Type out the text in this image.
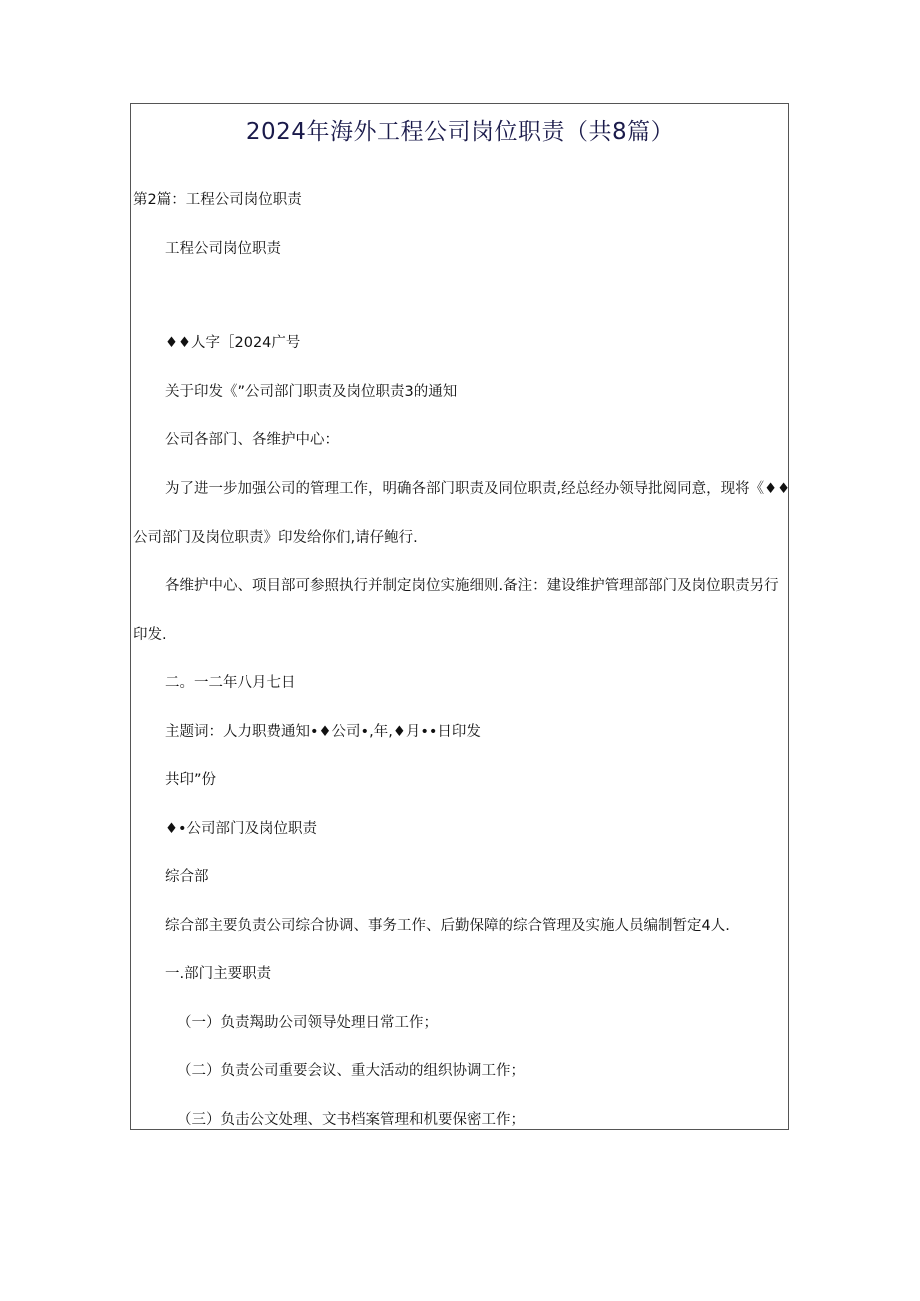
2024年海外工程公司岗位职责（共8篇）
第2篇：工程公司岗位职责
工程公司岗位职责
♦♦人字［2024广号
关于印发《”公司部门职责及岗位职责3的通知
公司各部门、各维护中心：
为了进一步加强公司的管理工作，明确各部门职责及同位职责,经总经办领导批阅同意，现将《♦♦
公司部门及岗位职责》印发给你们,请仔鲍行.
各维护中心、项目部可参照执行并制定岗位实施细则.备注：建设维护管理部部门及岗位职责另行
印发.
二。一二年八月七日
主题词：人力职费通知•♦公司•,年,♦月••日印发
共印”份
♦•公司部门及岗位职责
综合部
综合部主要负责公司综合协调、事务工作、后勤保障的综合管理及实施人员编制暂定4人.
一.部门主要职责
（一）负责羯助公司领导处理日常工作；
（二）负责公司重要会议、重大活动的组织协调工作；
（三）负击公文处理、文书档案管理和机要保密工作；
